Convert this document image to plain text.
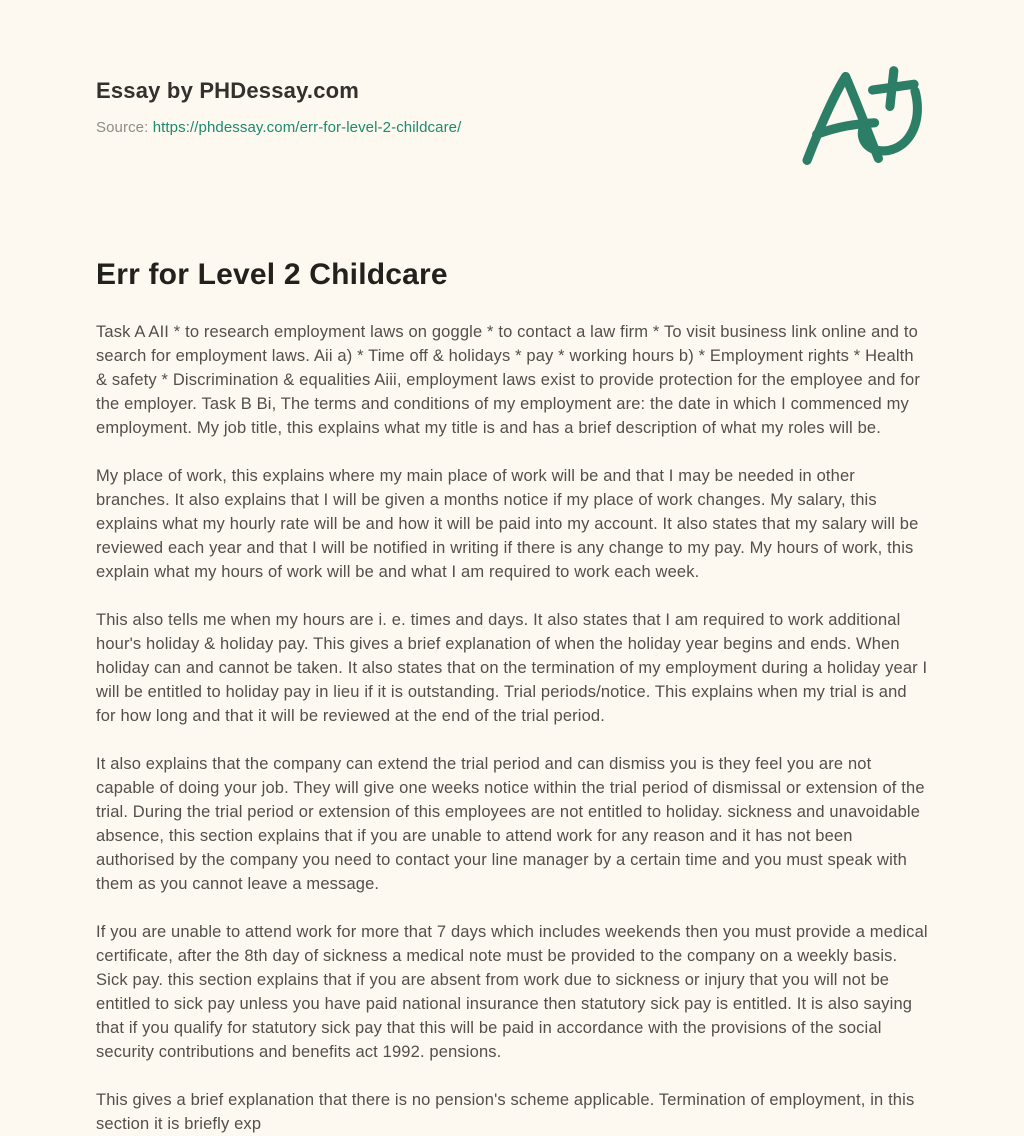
Essay by PHDessay.com
Source: https://phdessay.com/err-for-level-2-childcare/
Err for Level 2 Childcare

Task A AII * to research employment laws on goggle * to contact a law firm * To visit business link online and to search for employment laws. Aii a) * Time off & holidays * pay * working hours b) * Employment rights * Health & safety * Discrimination & equalities Aiii, employment laws exist to provide protection for the employee and for the employer. Task B Bi, The terms and conditions of my employment are: the date in which I commenced my employment. My job title, this explains what my title is and has a brief description of what my roles will be.

My place of work, this explains where my main place of work will be and that I may be needed in other branches. It also explains that I will be given a months notice if my place of work changes. My salary, this explains what my hourly rate will be and how it will be paid into my account. It also states that my salary will be reviewed each year and that I will be notified in writing if there is any change to my pay. My hours of work, this explain what my hours of work will be and what I am required to work each week.

This also tells me when my hours are i. e. times and days. It also states that I am required to work additional hour's holiday & holiday pay. This gives a brief explanation of when the holiday year begins and ends. When holiday can and cannot be taken. It also states that on the termination of my employment during a holiday year I will be entitled to holiday pay in lieu if it is outstanding. Trial periods/notice. This explains when my trial is and for how long and that it will be reviewed at the end of the trial period.

It also explains that the company can extend the trial period and can dismiss you is they feel you are not capable of doing your job. They will give one weeks notice within the trial period of dismissal or extension of the trial. During the trial period or extension of this employees are not entitled to holiday. sickness and unavoidable absence, this section explains that if you are unable to attend work for any reason and it has not been authorised by the company you need to contact your line manager by a certain time and you must speak with them as you cannot leave a message.

If you are unable to attend work for more that 7 days which includes weekends then you must provide a medical certificate, after the 8th day of sickness a medical note must be provided to the company on a weekly basis. Sick pay. this section explains that if you are absent from work due to sickness or injury that you will not be entitled to sick pay unless you have paid national insurance then statutory sick pay is entitled. It is also saying that if you qualify for statutory sick pay that this will be paid in accordance with the provisions of the social security contributions and benefits act 1992. pensions.

This gives a brief explanation that there is no pension's scheme applicable. Termination of employment, in this section it is briefly exp
